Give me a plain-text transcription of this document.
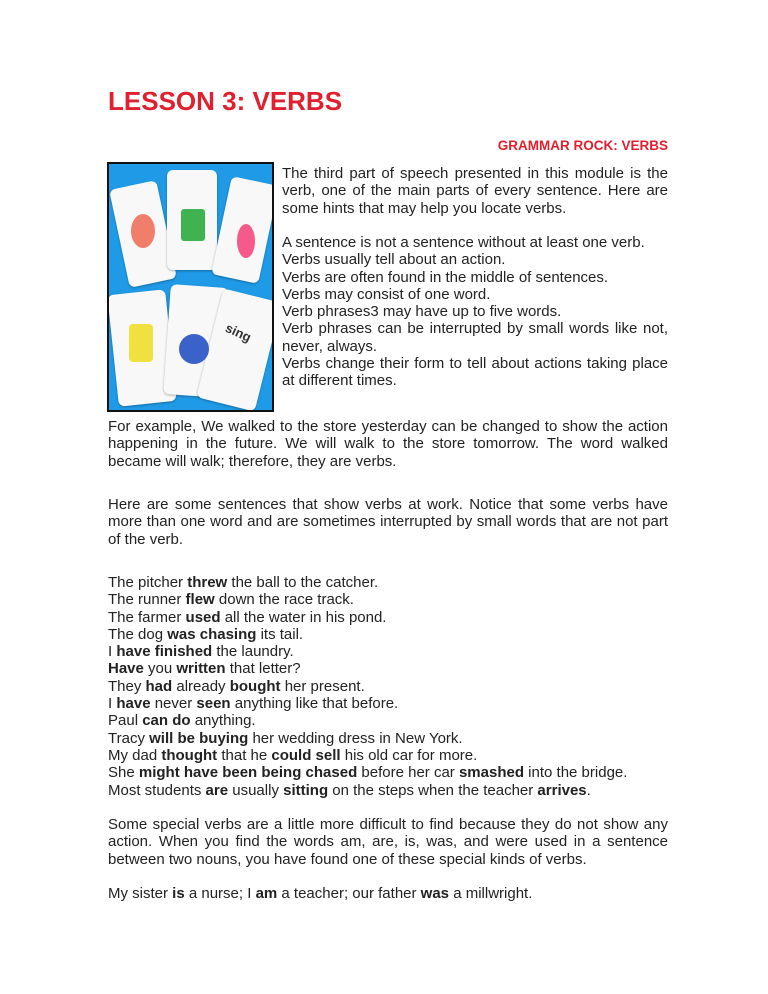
LESSON 3: VERBS
GRAMMAR ROCK: VERBS
sing
The third part of speech presented in this module is the verb, one of the main parts of every sentence. Here are some hints that may help you locate verbs.
A sentence is not a sentence without at least one verb.
Verbs usually tell about an action.
Verbs are often found in the middle of sentences.
Verbs may consist of one word.
Verb phrases3 may have up to five words.
Verb phrases can be interrupted by small words like not, never, always.
Verbs change their form to tell about actions taking place at different times.
For example, We walked to the store yesterday can be changed to show the action happening in the future. We will walk to the store tomorrow. The word walked became will walk; therefore, they are verbs.
Here are some sentences that show verbs at work. Notice that some verbs have more than one word and are sometimes interrupted by small words that are not part of the verb.
The pitcher threw the ball to the catcher.
The runner flew down the race track.
The farmer used all the water in his pond.
The dog was chasing its tail.
I have finished the laundry.
Have you written that letter?
They had already bought her present.
I have never seen anything like that before.
Paul can do anything.
Tracy will be buying her wedding dress in New York.
My dad thought that he could sell his old car for more.
She might have been being chased before her car smashed into the bridge.
Most students are usually sitting on the steps when the teacher arrives.
Some special verbs are a little more difficult to find because they do not show any action. When you find the words am, are, is, was, and were used in a sentence between two nouns, you have found one of these special kinds of verbs.
My sister is a nurse; I am a teacher; our father was a millwright.
